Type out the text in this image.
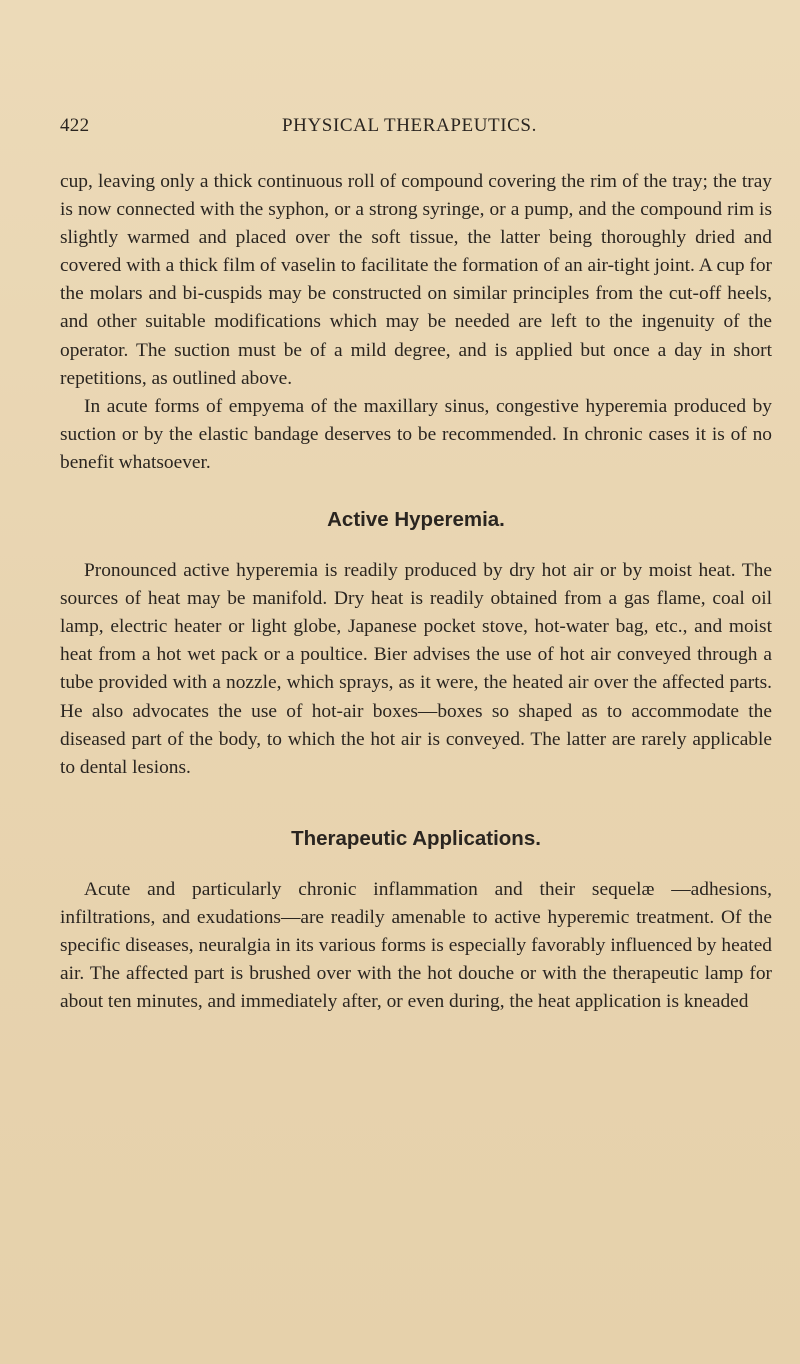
422	PHYSICAL THERAPEUTICS.

cup, leaving only a thick continuous roll of compound covering the rim of the tray; the tray is now connected with the syphon, or a strong syringe, or a pump, and the compound rim is slightly warmed and placed over the soft tissue, the latter being thoroughly dried and covered with a thick film of vaselin to facilitate the formation of an air-tight joint. A cup for the molars and bi-cuspids may be constructed on similar principles from the cut-off heels, and other suitable modifications which may be needed are left to the ingenuity of the operator. The suction must be of a mild degree, and is applied but once a day in short repetitions, as outlined above.

In acute forms of empyema of the maxillary sinus, congestive hyperemia produced by suction or by the elastic bandage deserves to be recommended. In chronic cases it is of no benefit whatsoever.

Active Hyperemia.

Pronounced active hyperemia is readily produced by dry hot air or by moist heat. The sources of heat may be manifold. Dry heat is readily obtained from a gas flame, coal oil lamp, electric heater or light globe, Japanese pocket stove, hot-water bag, etc., and moist heat from a hot wet pack or a poultice. Bier advises the use of hot air conveyed through a tube provided with a nozzle, which sprays, as it were, the heated air over the affected parts. He also advocates the use of hot-air boxes—boxes so shaped as to accommodate the diseased part of the body, to which the hot air is conveyed. The latter are rarely applicable to dental lesions.

Therapeutic Applications.

Acute and particularly chronic inflammation and their sequelæ —adhesions, infiltrations, and exudations—are readily amenable to active hyperemic treatment. Of the specific diseases, neuralgia in its various forms is especially favorably influenced by heated air. The affected part is brushed over with the hot douche or with the therapeutic lamp for about ten minutes, and immediately after, or even during, the heat application is kneaded
